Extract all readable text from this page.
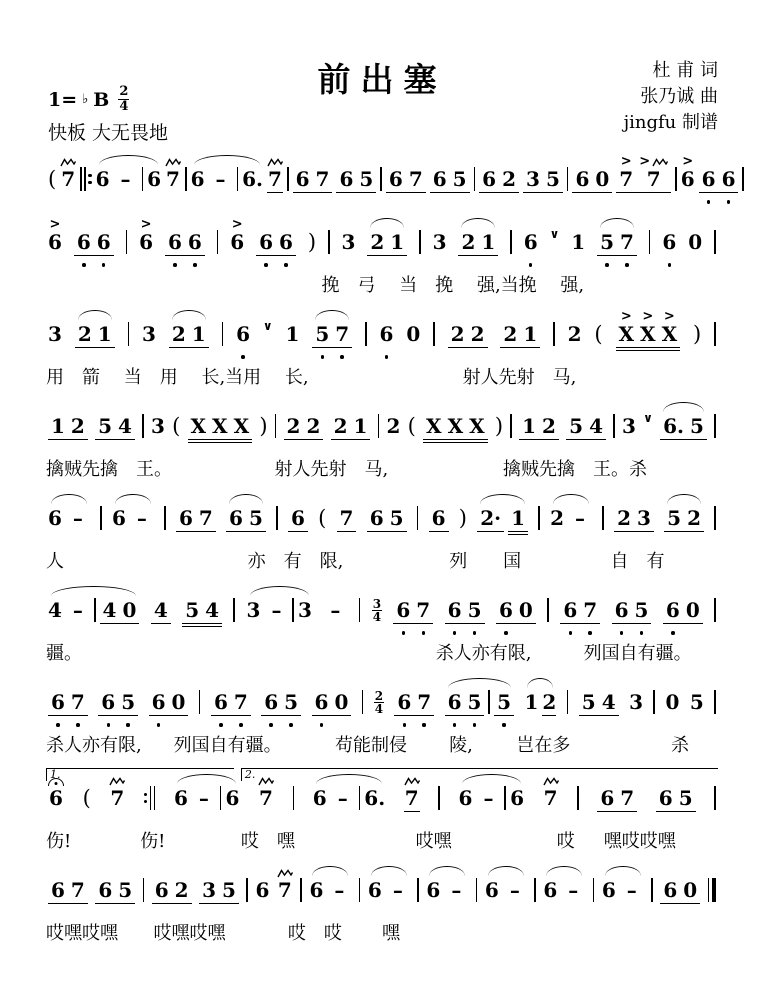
1= ♭ B $\frac{2}{4}$
前出塞	杜 甫 词
张乃诚 曲
jingfu 制谱
快板 大无畏地
( 7 6 – 6 7 6 – 6. 7 6 7 6 5 6 7 6 5 6 2 3 5 6 0
>
7
>
7
>
6 6 6
>
6 6 6
>
6 6 6
>
6 6 6 ) 3 2 1 3 2 1 6 ∨ 1 5 7 6 0
挽　弓　 当　挽　 强,当挽　 强,
3 2 1 3 2 1 6 ∨ 1 5 7 6 0 2 2 2 1 2 (
>
X
>
X
>
X )
用　箭　 当　用　 长,当用　 长,	射人先射　马,
1 2 5 4 3 ( X X X ) 2 2 2 1 2 ( X X X ) 1 2 5 4 3 ∨ 6. 5
擒贼先擒　王。	射人先射　马,	擒贼先擒　王。杀
6 – 6 – 6 7 6 5 6 ( 7 6 5 6 ) 2· 1 2 – 2 3 5 2
人	亦　有　限,	列　　国	自　有
4 – 4 0 4 5 4 3 – 3 –	3
4 6 7 6 5 6 0 6 7 6 5 6 0
疆。	杀人亦有限,	列国自有疆。
6 7 6 5 6 0 6 7 6 5 6 0 2
4 6 7 6 5 5 1 2 5 4 3 0 5
杀人亦有限, 列国自有疆。	苟能制侵 陵, 岂在多	杀
1.	2.
6 ( 7 6 – 6 7 6 – 6. 7 6 – 6 7 6 7 6 5
伤!	伤!	哎　嘿	哎嘿	哎 嘿哎哎嘿
6 7 6 5 6 2 3 5 6 7 6 – 6 – 6 – 6 – 6 – 6 – 6 0
哎嘿哎嘿 哎嘿哎嘿	哎　哎 嘿
